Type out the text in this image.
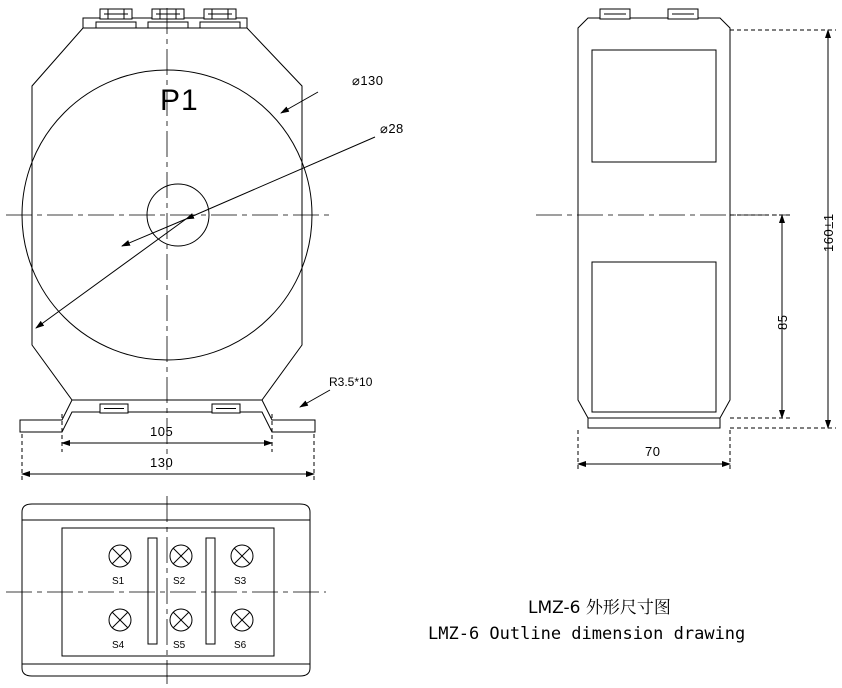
P1
⌀130
⌀28
R3.5*10
105
130
160±1
85
70
S1	S2	S3
S4	S5	S6
LMZ-6 外形尺寸图
LMZ-6 Outline dimension drawing
